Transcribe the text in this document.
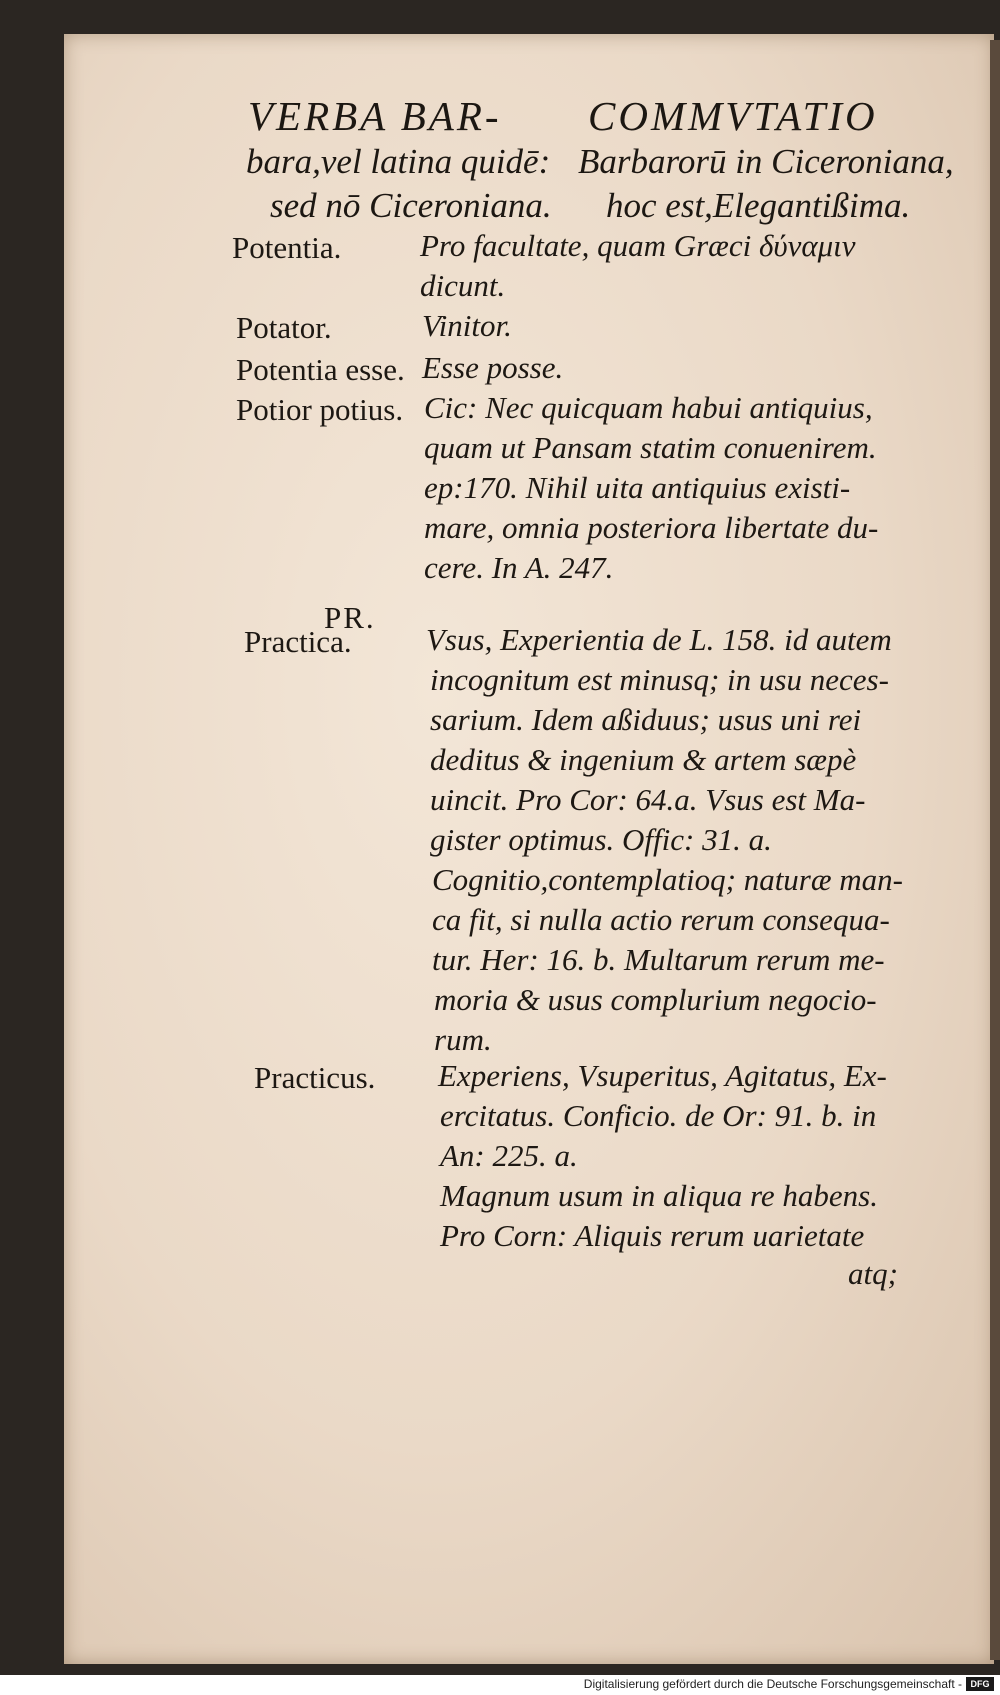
VERBA BAR-
bara,vel latina quidē:
sed nō Ciceroniana.
COMMVTATIO
Barbarorū in Ciceroniana,
hoc est,Elegantißima.
Potentia.	Pro facultate, quam Græci δύναμιν
dicunt.
Potator.	Vinitor.
Potentia esse. Esse posse.
Potior potius. Cic: Nec quicquam habui antiquius,
quam ut Pansam statim conuenirem.
ep:170. Nihil uita antiquius existi-
mare, omnia posteriora libertate du-
cere. In A. 247.
PR.
Practica. Vsus, Experientia de L. 158. id autem
incognitum est minusq; in usu neces-
sarium. Idem aßiduus; usus uni rei
deditus & ingenium & artem sæpè
uincit. Pro Cor: 64.a. Vsus est Ma-
gister optimus. Offic: 31. a.
Cognitio,contemplatioq; naturæ man-
ca fit, si nulla actio rerum consequa-
tur. Her: 16. b. Multarum rerum me-
moria & usus complurium negocio-
rum.
Practicus. Experiens, Vsuperitus, Agitatus, Ex-
ercitatus. Conficio. de Or: 91. b. in
An: 225. a.
Magnum usum in aliqua re habens.
Pro Corn: Aliquis rerum uarietate
atq;
Digitalisierung gefördert durch die Deutsche Forschungsgemeinschaft - DFG
